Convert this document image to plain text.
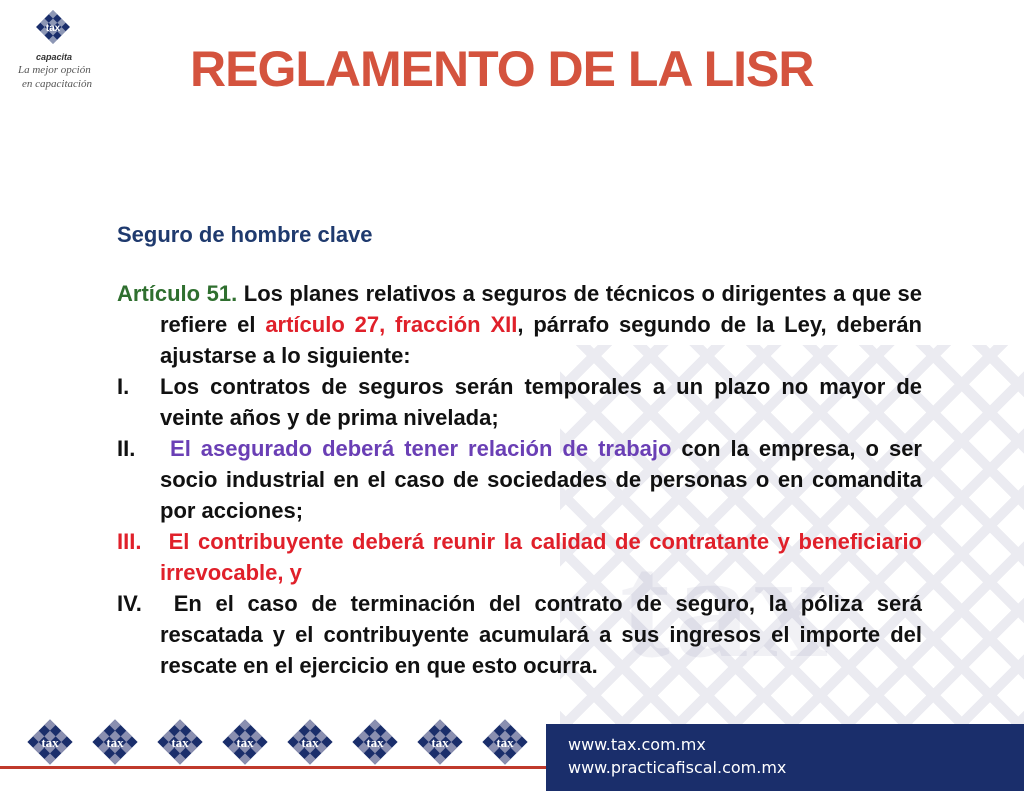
tax
tax
capacita
La mejor opción
en capacitación REGLAMENTO DE LA LISR
Seguro de hombre clave

Artículo 51. Los planes relativos a seguros de técnicos o dirigentes a que se refiere el artículo 27, fracción XII, párrafo segundo de la Ley, deberán ajustarse a lo siguiente:

I. Los contratos de seguros serán temporales a un plazo no mayor de veinte años y de prima nivelada;

II. El asegurado deberá tener relación de trabajo con la empresa, o ser socio industrial en el caso de sociedades de personas o en comandita por acciones;

III. El contribuyente deberá reunir la calidad de contratante y beneficiario irrevocable, y

IV. En el caso de terminación del contrato de seguro, la póliza será rescatada y el contribuyente acumulará a sus ingresos el importe del rescate en el ejercicio en que esto ocurra.

tax	tax	tax	tax	tax	tax	tax	tax	www.tax.com.mx
www.practicafiscal.com.mx
